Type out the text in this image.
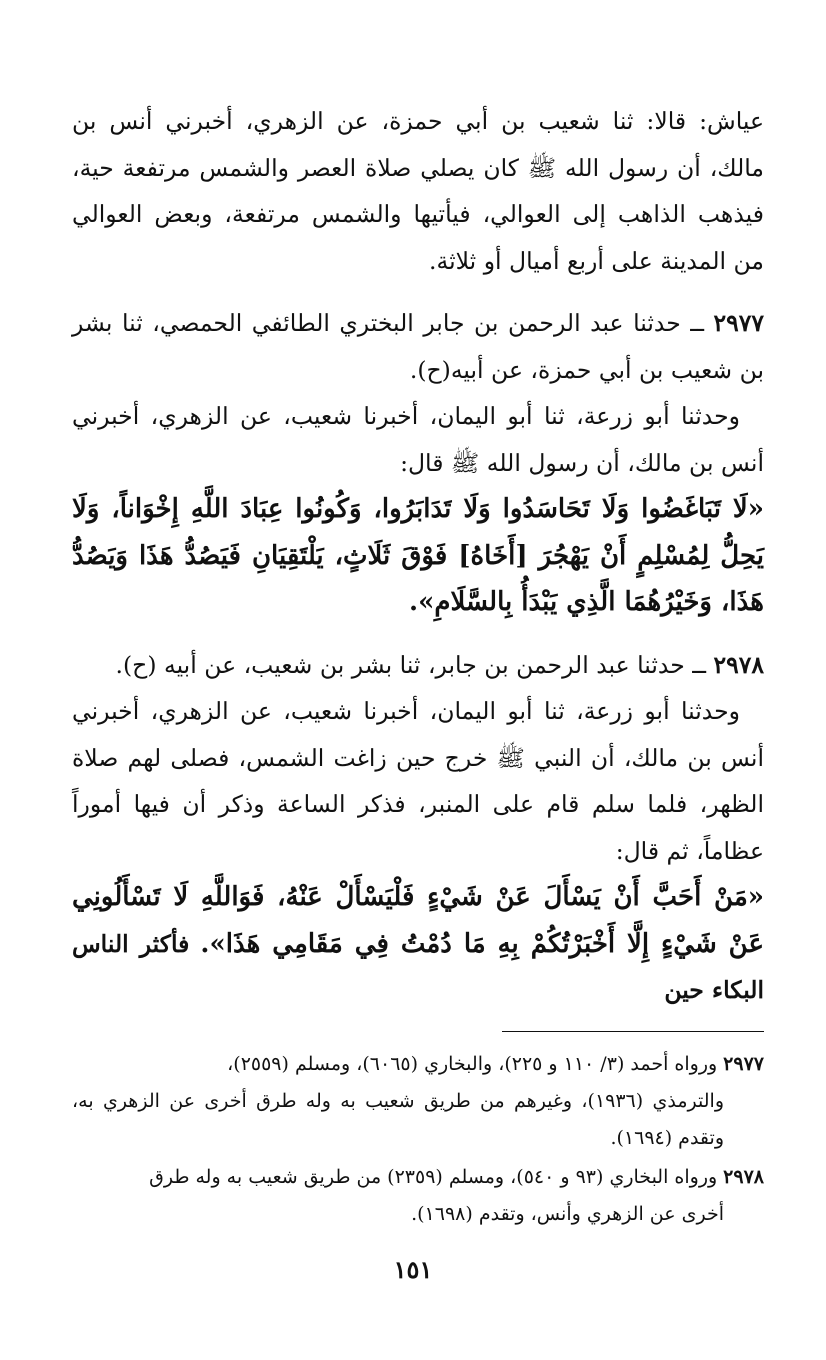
عياش: قالا: ثنا شعيب بن أبي حمزة، عن الزهري، أخبرني أنس بن مالك، أن رسول الله ﷺ كان يصلي صلاة العصر والشمس مرتفعة حية، فيذهب الذاهب إلى العوالي، فيأتيها والشمس مرتفعة، وبعض العوالي من المدينة على أربع أميال أو ثلاثة.

٢٩٧٧ ــ حدثنا عبد الرحمن بن جابر البختري الطائفي الحمصي، ثنا بشر بن شعيب بن أبي حمزة، عن أبيه(ح).

وحدثنا أبو زرعة، ثنا أبو اليمان، أخبرنا شعيب، عن الزهري، أخبرني أنس بن مالك، أن رسول الله ﷺ قال:

«لَا تَبَاغَضُوا وَلَا تَحَاسَدُوا وَلَا تَدَابَرُوا، وَكُونُوا عِبَادَ اللَّهِ إِخْوَاناً، وَلَا يَحِلُّ لِمُسْلِمٍ أَنْ يَهْجُرَ [أَخَاهُ] فَوْقَ ثَلَاثٍ، يَلْتَقِيَانِ فَيَصُدُّ هَذَا وَيَصُدُّ هَذَا، وَخَيْرُهُمَا الَّذِي يَبْدَأُ بِالسَّلَامِ».

٢٩٧٨ ــ حدثنا عبد الرحمن بن جابر، ثنا بشر بن شعيب، عن أبيه (ح).

وحدثنا أبو زرعة، ثنا أبو اليمان، أخبرنا شعيب، عن الزهري، أخبرني أنس بن مالك، أن النبي ﷺ خرج حين زاغت الشمس، فصلى لهم صلاة الظهر، فلما سلم قام على المنبر، فذكر الساعة وذكر أن فيها أموراً عظاماً، ثم قال:

«مَنْ أَحَبَّ أَنْ يَسْأَلَ عَنْ شَيْءٍ فَلْيَسْأَلْ عَنْهُ، فَوَاللَّهِ لَا تَسْأَلُونِي عَنْ شَيْءٍ إِلَّا أَخْبَرْتُكُمْ بِهِ مَا دُمْتُ فِي مَقَامِي هَذَا». فأكثر الناس البكاء حين

٢٩٧٧ورواه أحمد (٣/ ١١٠ و ٢٢٥)، والبخاري (٦٠٦٥)، ومسلم (٢٥٥٩)،
والترمذي (١٩٣٦)، وغيرهم من طريق شعيب به وله طرق أخرى عن الزهري به، وتقدم (١٦٩٤).

٢٩٧٨ورواه البخاري (٩٣ و ٥٤٠)، ومسلم (٢٣٥٩) من طريق شعيب به وله طرق
أخرى عن الزهري وأنس، وتقدم (١٦٩٨).

١٥١
